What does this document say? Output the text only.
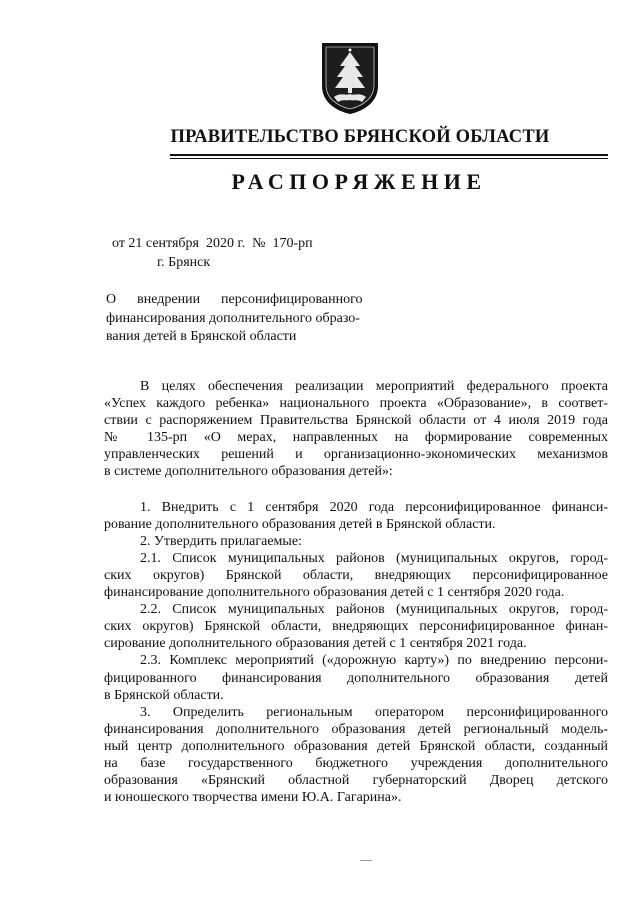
ПРАВИТЕЛЬСТВО БРЯНСКОЙ ОБЛАСТИ
РАСПОРЯЖЕНИЕ
от 21 сентября  2020 г.  №  170-рп
г. Брянск
О      внедрении      персонифицированного
финансирования дополнительного образо-
вания детей в Брянской области
В целях обеспечения реализации мероприятий федерального проекта
«Успех каждого ребенка» национального проекта «Образование», в соответ-
ствии с распоряжением Правительства Брянской области от 4 июля 2019 года
№ 135-рп «О мерах, направленных на формирование современных
управленческих решений и организационно-экономических механизмов
в системе дополнительного образования детей»:
1. Внедрить с 1 сентября 2020 года персонифицированное финанси-
рование дополнительного образования детей в Брянской области.
2. Утвердить прилагаемые:
2.1. Список муниципальных районов (муниципальных округов, город-
ских округов) Брянской области, внедряющих персонифицированное
финансирование дополнительного образования детей с 1 сентября 2020 года.
2.2. Список муниципальных районов (муниципальных округов, город-
ских округов) Брянской области, внедряющих персонифицированное финан-
сирование дополнительного образования детей с 1 сентября 2021 года.
2.3. Комплекс мероприятий («дорожную карту») по внедрению персони-
фицированного финансирования дополнительного образования детей
в Брянской области.
3. Определить региональным оператором персонифицированного
финансирования дополнительного образования детей региональный модель-
ный центр дополнительного образования детей Брянской области, созданный
на базе государственного бюджетного учреждения дополнительного
образования «Брянский областной губернаторский Дворец детского
и юношеского творчества имени Ю.А. Гагарина».
